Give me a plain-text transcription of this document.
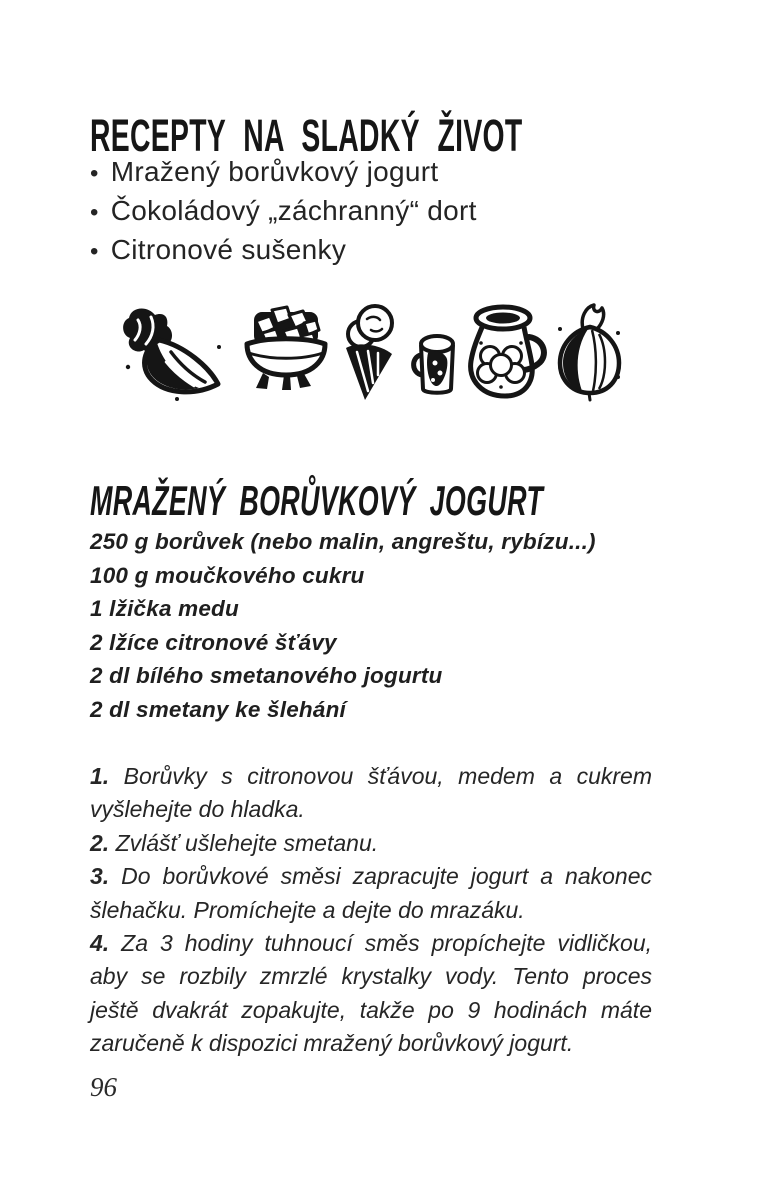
RECEPTY NA SLADKÝ ŽIVOT
• Mražený borůvkový jogurt
• Čokoládový „záchranný“ dort
• Citronové sušenky
MRAŽENÝ BORŮVKOVÝ JOGURT
250 g borůvek (nebo malin, angreštu, rybízu...)
100 g moučkového cukru
1 lžička medu
2 lžíce citronové šťávy
2 dl bílého smetanového jogurtu
2 dl smetany ke šlehání

1. Borůvky s citronovou šťávou, medem a cukrem vyšlehejte do hladka.

2. Zvlášť ušlehejte smetanu.

3. Do borůvkové směsi zapracujte jogurt a nakonec šlehačku. Promíchejte a dejte do mrazáku.

4. Za 3 hodiny tuhnoucí směs propíchejte vidličkou, aby se rozbily zmrzlé krystalky vody. Tento proces ještě dvakrát zopakujte, takže po 9 hodinách máte zaručeně k dispozici mražený borůvkový jogurt.

96
